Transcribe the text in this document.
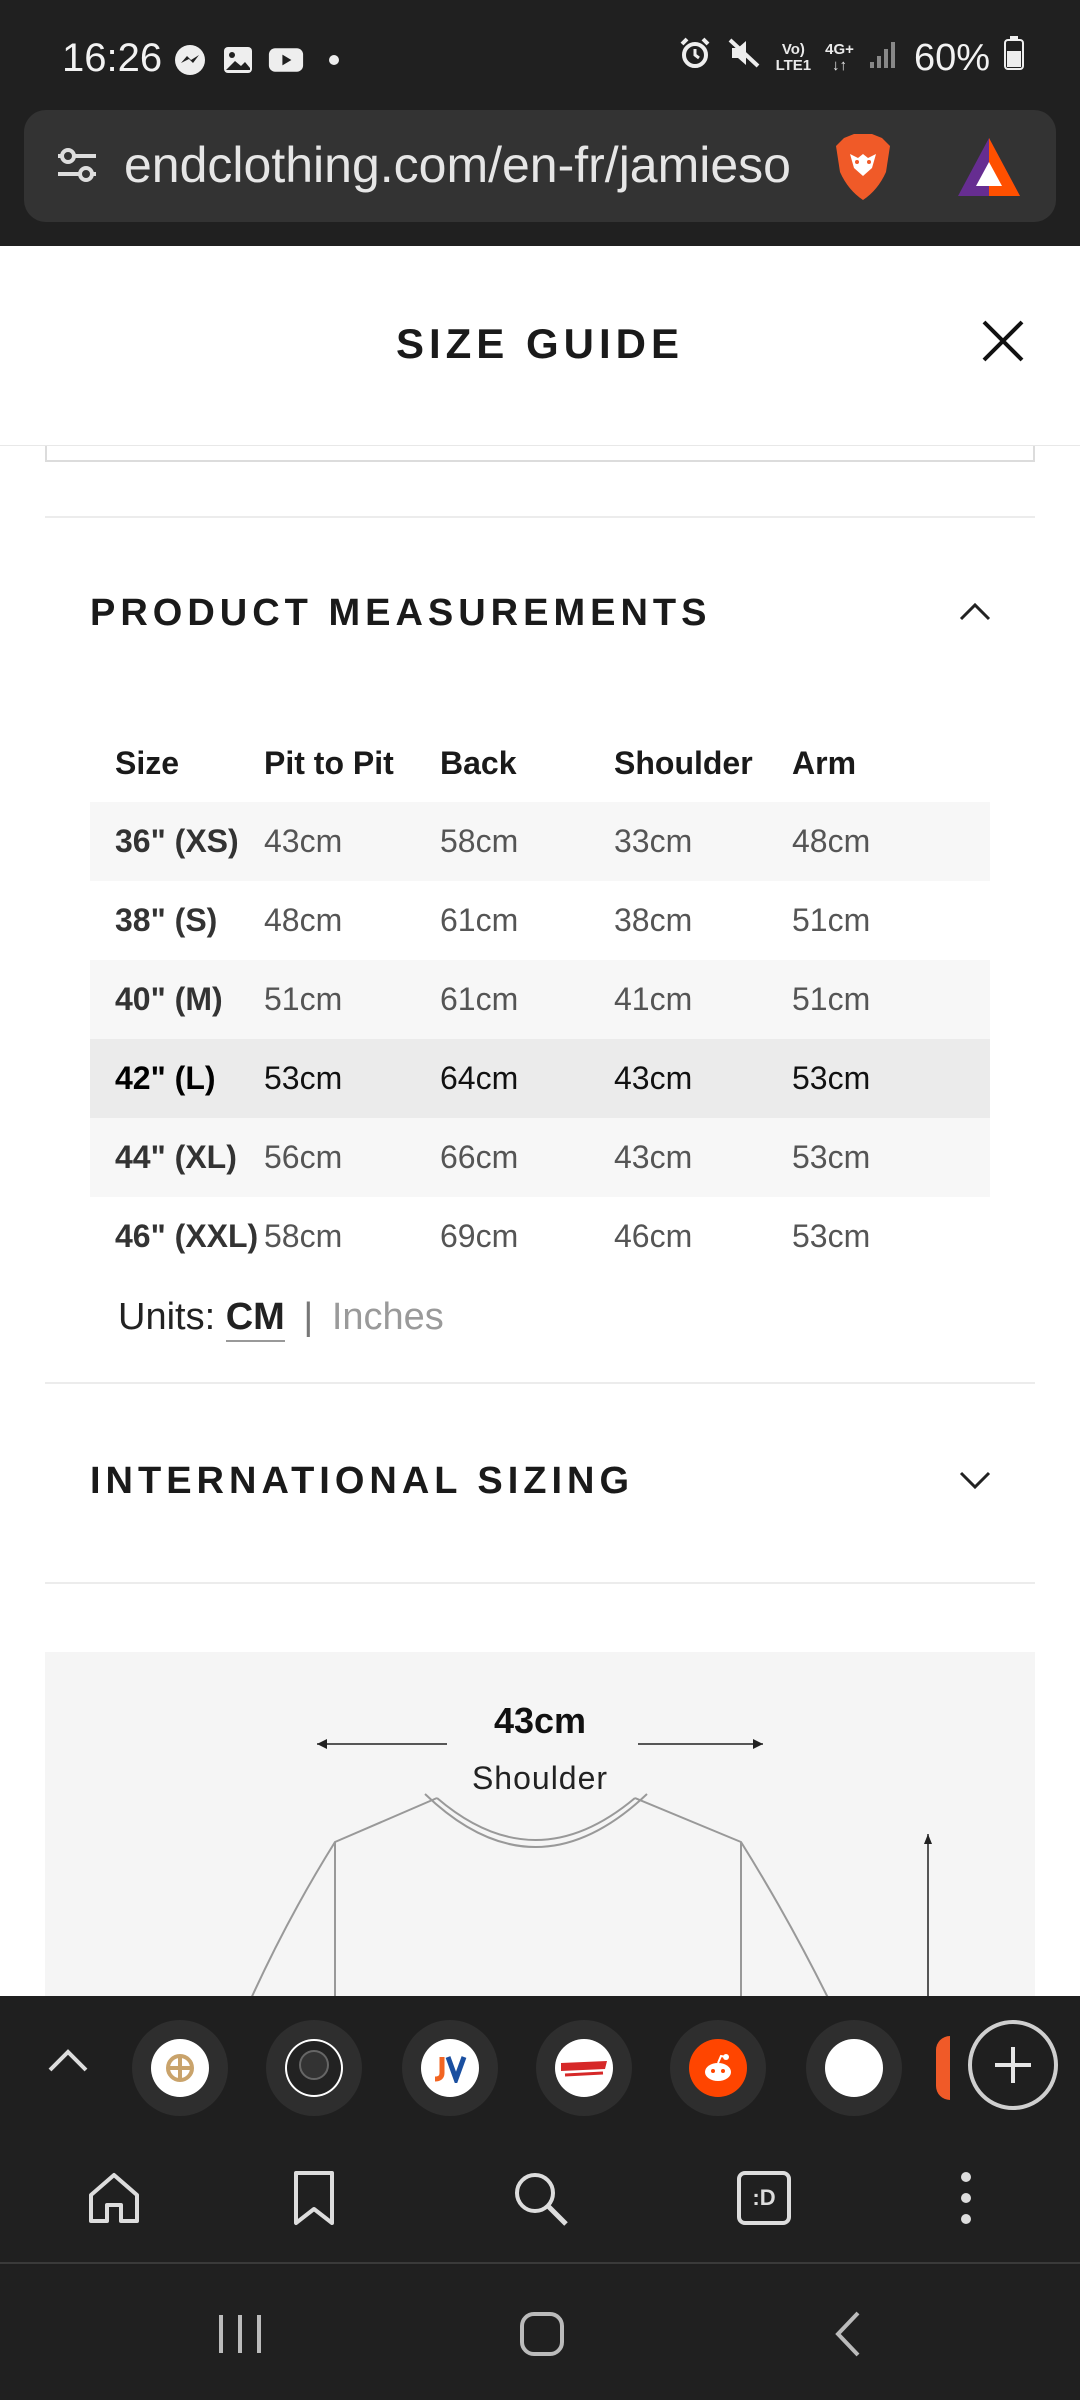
16:26	Vo)
LTE1
4G+
↓↑ 60%
endclothing.com/en-fr/jamieso
SIZE GUIDE
PRODUCT MEASUREMENTS
Size	Pit to Pit	Back	Shoulder	Arm
36" (XS) 43cm	58cm	33cm	48cm
38" (S)	48cm	61cm	38cm	51cm
40" (M)	51cm	61cm	41cm	51cm
42" (L)	53cm	64cm	43cm	53cm
44" (XL) 56cm	66cm	43cm	53cm
46" (XXL) 58cm	69cm	46cm	53cm
Units: CM | Inches
INTERNATIONAL SIZING
43cm
Shoulder
:D
